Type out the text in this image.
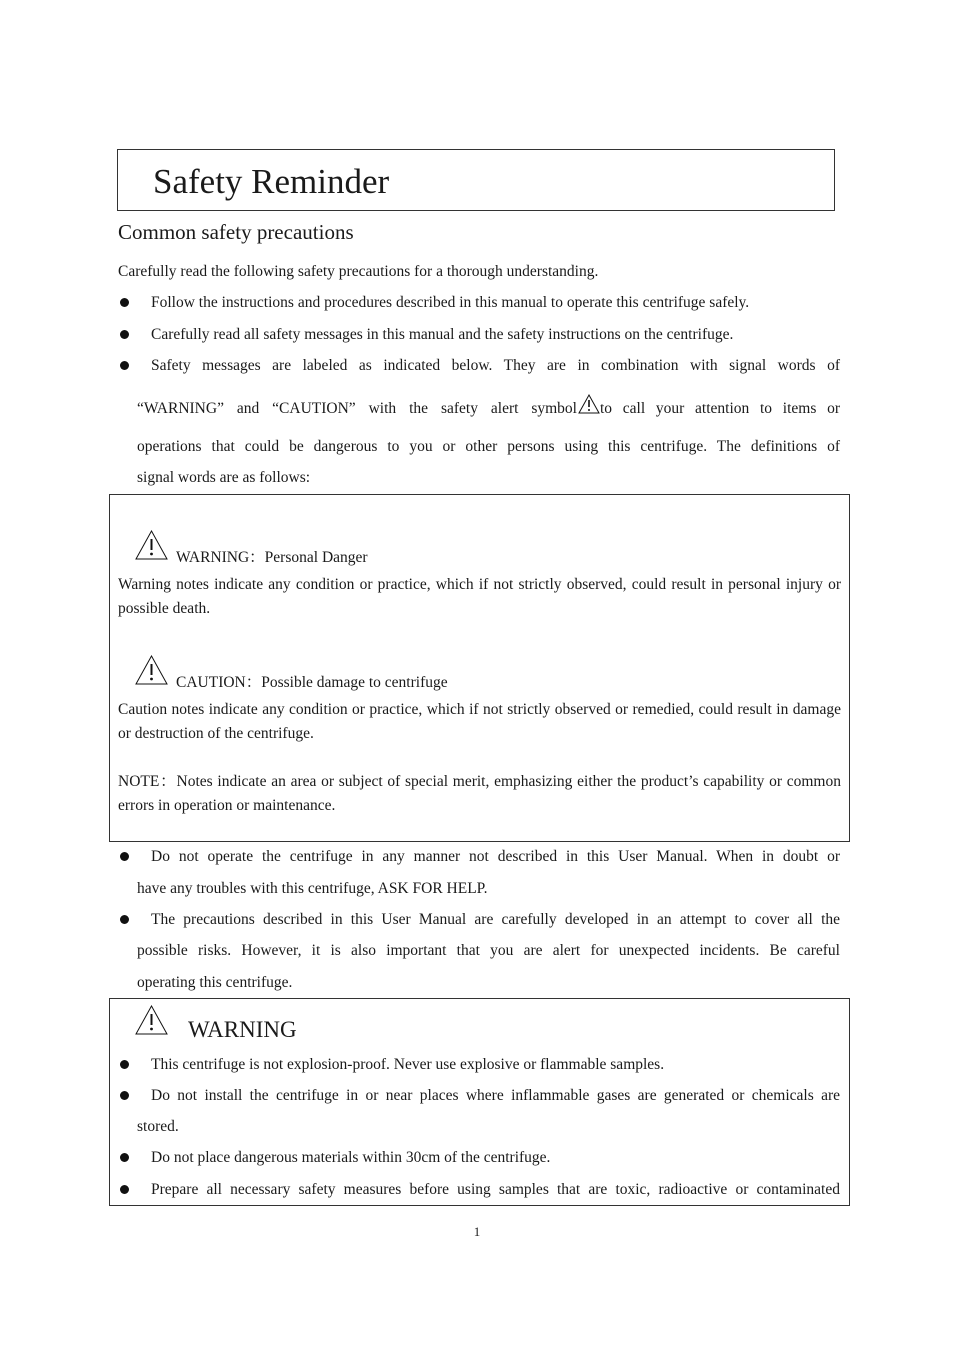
Safety Reminder
Common safety precautions
Carefully read the following safety precautions for a thorough understanding.
Follow the instructions and procedures described in this manual to operate this centrifuge safely.
Carefully read all safety messages in this manual and the safety instructions on the centrifuge.
Safety messages are labeled as indicated below. They are in combination with signal words of
“WARNING” and “CAUTION” with the safety alert symbol to call your attention to items or
operations that could be dangerous to you or other persons using this centrifuge. The definitions of
signal words are as follows:
WARNING：Personal Danger
Warning notes indicate any condition or practice, which if not strictly observed, could result in personal injury or possible death.
CAUTION：Possible damage to centrifuge
Caution notes indicate any condition or practice, which if not strictly observed or remedied, could result in damage or destruction of the centrifuge.
NOTE：Notes indicate an area or subject of special merit, emphasizing either the product’s capability or common errors in operation or maintenance.
Do not operate the centrifuge in any manner not described in this User Manual. When in doubt or
have any troubles with this centrifuge, ASK FOR HELP.
The precautions described in this User Manual are carefully developed in an attempt to cover all the
possible risks. However, it is also important that you are alert for unexpected incidents. Be careful
operating this centrifuge.
WARNING
This centrifuge is not explosion-proof. Never use explosive or flammable samples.
Do not install the centrifuge in or near places where inflammable gases are generated or chemicals are
stored.
Do not place dangerous materials within 30cm of the centrifuge.
Prepare all necessary safety measures before using samples that are toxic, radioactive or contaminated
1
